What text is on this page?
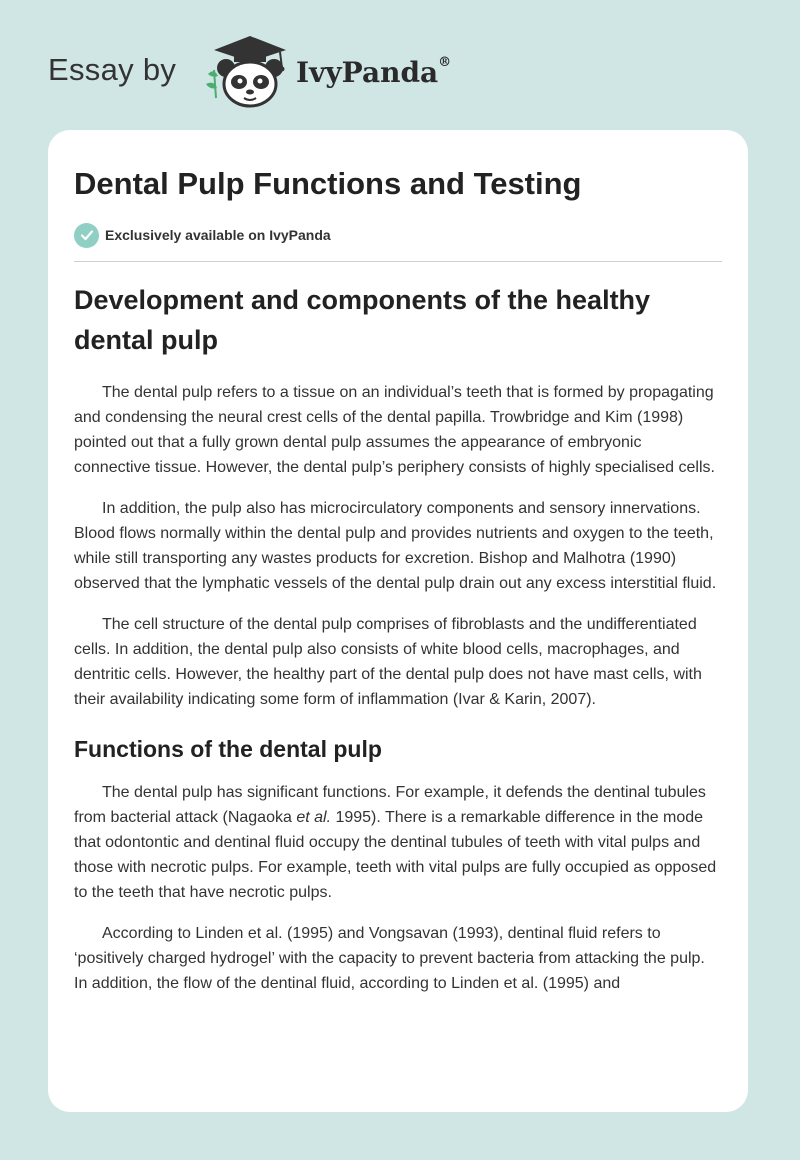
Essay by	IvyPanda®
Dental Pulp Functions and Testing
Exclusively available on IvyPanda
Development and components of the healthy dental pulp

The dental pulp refers to a tissue on an individual’s teeth that is formed by propagating and condensing the neural crest cells of the dental papilla. Trowbridge and Kim (1998) pointed out that a fully grown dental pulp assumes the appearance of embryonic connective tissue. However, the dental pulp’s periphery consists of highly specialised cells.

In addition, the pulp also has microcirculatory components and sensory innervations. Blood flows normally within the dental pulp and provides nutrients and oxygen to the teeth, while still transporting any wastes products for excretion. Bishop and Malhotra (1990) observed that the lymphatic vessels of the dental pulp drain out any excess interstitial fluid.

The cell structure of the dental pulp comprises of fibroblasts and the undifferentiated cells. In addition, the dental pulp also consists of white blood cells, macrophages, and dentritic cells. However, the healthy part of the dental pulp does not have mast cells, with their availability indicating some form of inflammation (Ivar & Karin, 2007).

Functions of the dental pulp

The dental pulp has significant functions. For example, it defends the dentinal tubules from bacterial attack (Nagaoka et al. 1995). There is a remarkable difference in the mode that odontontic and dentinal fluid occupy the dentinal tubules of teeth with vital pulps and those with necrotic pulps. For example, teeth with vital pulps are fully occupied as opposed to the teeth that have necrotic pulps.

According to Linden et al. (1995) and Vongsavan (1993), dentinal fluid refers to ‘positively charged hydrogel’ with the capacity to prevent bacteria from attacking the pulp. In addition, the flow of the dentinal fluid, according to Linden et al. (1995) and
